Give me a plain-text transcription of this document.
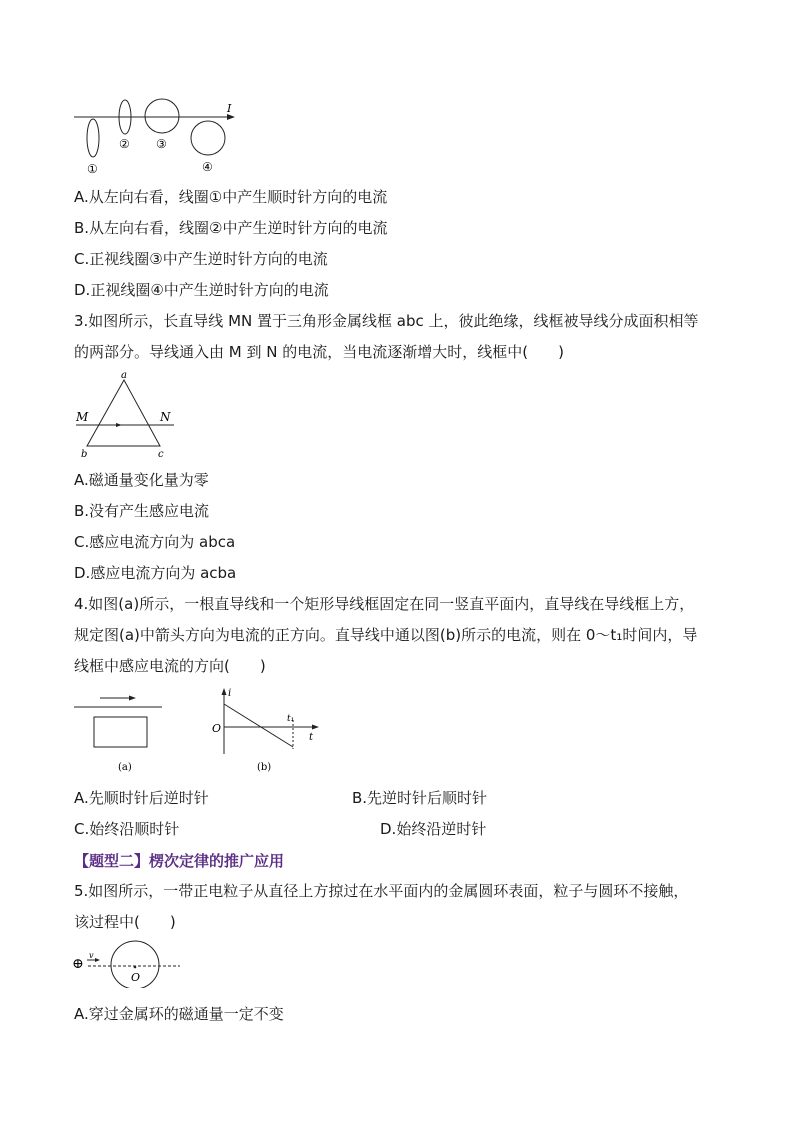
I
①
② ③
④
A.从左向右看，线圈①中产生顺时针方向的电流
B.从左向右看，线圈②中产生逆时针方向的电流
C.正视线圈③中产生逆时针方向的电流
D.正视线圈④中产生逆时针方向的电流
3.如图所示，长直导线 MN 置于三角形金属线框 abc 上，彼此绝缘，线框被导线分成面积相等
的两部分。导线通入由 M 到 N 的电流，当电流逐渐增大时，线框中(　　)
a
b	c
M	N
A.磁通量变化量为零
B.没有产生感应电流
C.感应电流方向为 abca
D.感应电流方向为 acba
4.如图(a)所示，一根直导线和一个矩形导线框固定在同一竖直平面内，直导线在导线框上方，
规定图(a)中箭头方向为电流的正方向。直导线中通以图(b)所示的电流，则在 0～t₁时间内，导
线框中感应电流的方向(　　)
(a)
i
O
t₁
t
(b)
A.先顺时针后逆时针	B.先逆时针后顺时针
C.始终沿顺时针	D.始终沿逆时针
【题型二】楞次定律的推广应用
5.如图所示，一带正电粒子从直径上方掠过在水平面内的金属圆环表面，粒子与圆环不接触，
该过程中(　　)
⊕
v
O
A.穿过金属环的磁通量一定不变
